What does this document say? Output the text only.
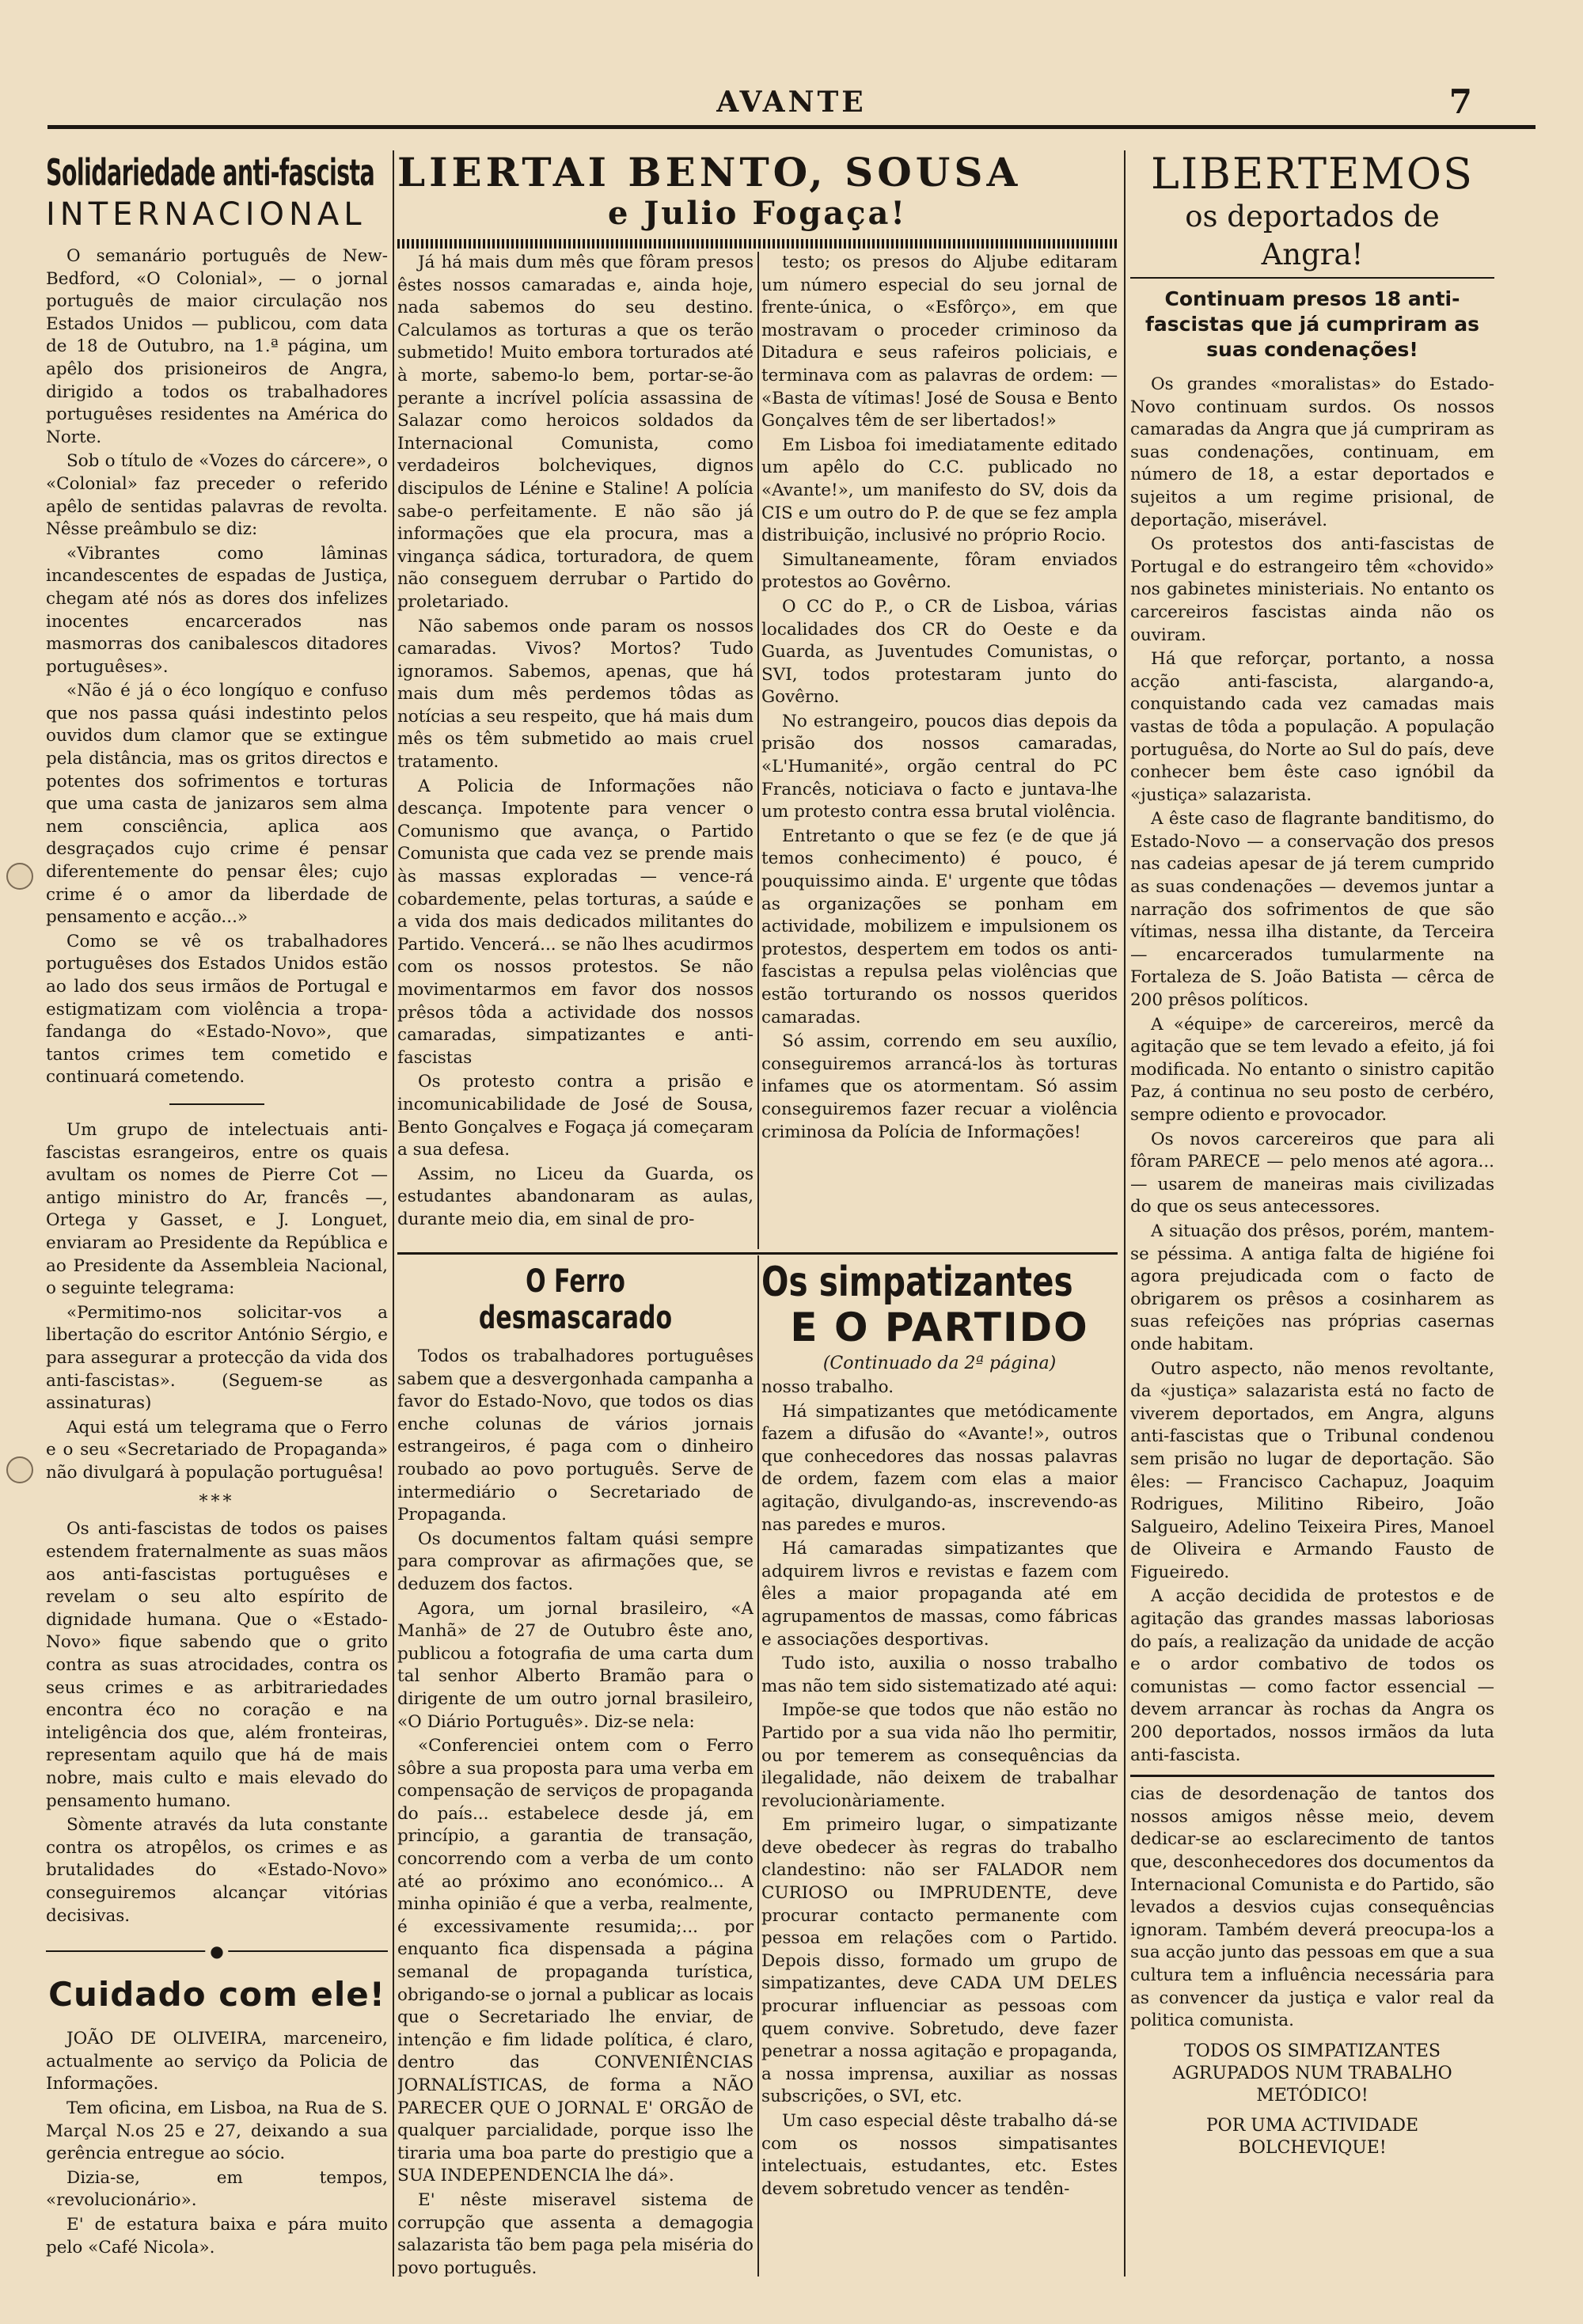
AVANTE	7
Solidariedade anti-fascista
INTERNACIONAL

O semanário português de New-Bedford, «O Colonial», — o jornal português de maior circulação nos Estados Unidos — publicou, com data de 18 de Outubro, na 1.ª página, um apêlo dos prisioneiros de Angra, dirigido a todos os trabalhadores portuguêses residentes na América do Norte.

Sob o título de «Vozes do cárcere», o «Colonial» faz preceder o referido apêlo de sentidas palavras de revolta. Nêsse preâmbulo se diz:

«Vibrantes como lâminas incandescentes de espadas de Justiça, chegam até nós as dores dos infelizes inocentes encarcerados nas masmorras dos canibalescos ditadores portuguêses».

«Não é já o éco longíquo e confuso que nos passa quási indestinto pelos ouvidos dum clamor que se extingue pela distância, mas os gritos directos e potentes dos sofrimentos e torturas que uma casta de janizaros sem alma nem consciência, aplica aos desgraçados cujo crime é pensar diferentemente do pensar êles; cujo crime é o amor da liberdade de pensamento e acção...»

Como se vê os trabalhadores portuguêses dos Estados Unidos estão ao lado dos seus irmãos de Portugal e estigmatizam com violência a tropa-fandanga do «Estado-Novo», que tantos crimes tem cometido e continuará cometendo.

Um grupo de intelectuais anti-fascistas esrangeiros, entre os quais avultam os nomes de Pierre Cot — antigo ministro do Ar, francês —, Ortega y Gasset, e J. Longuet, enviaram ao Presidente da República e ao Presidente da Assembleia Nacional, o seguinte telegrama:

«Permitimo-nos solicitar-vos a libertação do escritor António Sérgio, e para assegurar a protecção da vida dos anti-fascistas». (Seguem-se as assinaturas)

Aqui está um telegrama que o Ferro e o seu «Secretariado de Propaganda» não divulgará à população portuguêsa!

***

Os anti-fascistas de todos os paises estendem fraternalmente as suas mãos aos anti-fascistas portuguêses e revelam o seu alto espírito de dignidade humana. Que o «Estado-Novo» fique sabendo que o grito contra as suas atrocidades, contra os seus crimes e as arbitrariedades encontra éco no coração e na inteligência dos que, além fronteiras, representam aquilo que há de mais nobre, mais culto e mais elevado do pensamento humano.

Sòmente através da luta constante contra os atropêlos, os crimes e as brutalidades do «Estado-Novo» conseguiremos alcançar vitórias decisivas.

●
Cuidado com ele!

JOÃO DE OLIVEIRA, marceneiro, actualmente ao serviço da Policia de Informações.

Tem oficina, em Lisboa, na Rua de S. Marçal N.os 25 e 27, deixando a sua gerência entregue ao sócio.

Dizia-se, em tempos, «revolucionário».

E' de estatura baixa e pára muito pelo «Café Nicola».

LIERTAI BENTO, SOUSA
e Julio Fogaça!

Já há mais dum mês que fôram presos êstes nossos camaradas e, ainda hoje, nada sabemos do seu destino. Calculamos as torturas a que os terão submetido! Muito embora torturados até à morte, sabemo-lo bem, portar-se-ão perante a incrível polícia assassina de Salazar como heroicos soldados da Internacional Comunista, como verdadeiros bolcheviques, dignos discipulos de Lénine e Staline! A polícia sabe-o perfeitamente. E não são já informações que ela procura, mas a vingança sádica, torturadora, de quem não conseguem derrubar o Partido do proletariado.

Não sabemos onde param os nossos camaradas. Vivos? Mortos? Tudo ignoramos. Sabemos, apenas, que há mais dum mês perdemos tôdas as notícias a seu respeito, que há mais dum mês os têm submetido ao mais cruel tratamento.

A Policia de Informações não descança. Impotente para vencer o Comunismo que avança, o Partido Comunista que cada vez se prende mais às massas exploradas — vence-rá cobardemente, pelas torturas, a saúde e a vida dos mais dedicados militantes do Partido. Vencerá... se não lhes acudirmos com os nossos protestos. Se não movimentarmos em favor dos nossos prêsos tôda a actividade dos nossos camaradas, simpatizantes e anti-fascistas

Os protesto contra a prisão e incomunicabilidade de José de Sousa, Bento Gonçalves e Fogaça já começaram a sua defesa.

Assim, no Liceu da Guarda, os estudantes abandonaram as aulas, durante meio dia, em sinal de pro-

testo; os presos do Aljube editaram um número especial do seu jornal de frente-única, o «Esfôrço», em que mostravam o proceder criminoso da Ditadura e seus rafeiros policiais, e terminava com as palavras de ordem: — «Basta de vítimas! José de Sousa e Bento Gonçalves têm de ser libertados!»

Em Lisboa foi imediatamente editado um apêlo do C.C. publicado no «Avante!», um manifesto do SV, dois da CIS e um outro do P. de que se fez ampla distribuição, inclusivé no próprio Rocio.

Simultaneamente, fôram enviados protestos ao Govêrno.

O CC do P., o CR de Lisboa, várias localidades dos CR do Oeste e da Guarda, as Juventudes Comunistas, o SVI, todos protestaram junto do Govêrno.

No estrangeiro, poucos dias depois da prisão dos nossos camaradas, «L'Humanité», orgão central do PC Francês, noticiava o facto e juntava-lhe um protesto contra essa brutal violência.

Entretanto o que se fez (e de que já temos conhecimento) é pouco, é pouquissimo ainda. E' urgente que tôdas as organizações se ponham em actividade, mobilizem e impulsionem os protestos, despertem em todos os anti-fascistas a repulsa pelas violências que estão torturando os nossos queridos camaradas.

Só assim, correndo em seu auxílio, conseguiremos arrancá-los às torturas infames que os atormentam. Só assim conseguiremos fazer recuar a violência criminosa da Polícia de Informações!

O Ferro desmascarado

Todos os trabalhadores portuguêses sabem que a desvergonhada campanha a favor do Estado-Novo, que todos os dias enche colunas de vários jornais estrangeiros, é paga com o dinheiro roubado ao povo português. Serve de intermediário o Secretariado de Propaganda.

Os documentos faltam quási sempre para comprovar as afirmações que, se deduzem dos factos.

Agora, um jornal brasileiro, «A Manhã» de 27 de Outubro êste ano, publicou a fotografia de uma carta dum tal senhor Alberto Bramão para o dirigente de um outro jornal brasileiro, «O Diário Português». Diz-se nela:

«Conferenciei ontem com o Ferro sôbre a sua proposta para uma verba em compensação de serviços de propaganda do país... estabelece desde já, em princípio, a garantia de transação, concorrendo com a verba de um conto até ao próximo ano económico... A minha opinião é que a verba, realmente, é excessivamente resumida;... por enquanto fica dispensada a página semanal de propaganda turística, obrigando-se o jornal a publicar as locais que o Secretariado lhe enviar, de intenção e fim lidade política, é claro, dentro das CONVENIÊNCIAS JORNALÍSTICAS, de forma a NÃO PARECER QUE O JORNAL E' ORGÃO de qualquer parcialidade, porque isso lhe tiraria uma boa parte do prestigio que a SUA INDEPENDENCIA lhe dá».

E' nêste miseravel sistema de corrupção que assenta a demagogia salazarista tão bem paga pela miséria do povo português.

Os simpatizantes
E O PARTIDO
(Continuado da 2ª página)

nosso trabalho.

Há simpatizantes que metódicamente fazem a difusão do «Avante!», outros que conhecedores das nossas palavras de ordem, fazem com elas a maior agitação, divulgando-as, inscrevendo-as nas paredes e muros.

Há camaradas simpatizantes que adquirem livros e revistas e fazem com êles a maior propaganda até em agrupamentos de massas, como fábricas e associações desportivas.

Tudo isto, auxilia o nosso trabalho mas não tem sido sistematizado até aqui:

Impõe-se que todos que não estão no Partido por a sua vida não lho permitir, ou por temerem as consequências da ilegalidade, não deixem de trabalhar revolucionàriamente.

Em primeiro lugar, o simpatizante deve obedecer às regras do trabalho clandestino: não ser FALADOR nem CURIOSO ou IMPRUDENTE, deve procurar contacto permanente com pessoa em relações com o Partido. Depois disso, formado um grupo de simpatizantes, deve CADA UM DELES procurar influenciar as pessoas com quem convive. Sobretudo, deve fazer penetrar a nossa agitação e propaganda, a nossa imprensa, auxiliar as nossas subscrições, o SVI, etc.

Um caso especial dêste trabalho dá-se com os nossos simpatisantes intelectuais, estudantes, etc. Estes devem sobretudo vencer as tendên-

LIBERTEMOS
os deportados de Angra!
Continuam presos 18 anti-fascistas que já cumpriram as suas condenações!

Os grandes «moralistas» do Estado-Novo continuam surdos. Os nossos camaradas da Angra que já cumpriram as suas condenações, continuam, em número de 18, a estar deportados e sujeitos a um regime prisional, de deportação, miserável.

Os protestos dos anti-fascistas de Portugal e do estrangeiro têm «chovido» nos gabinetes ministeriais. No entanto os carcereiros fascistas ainda não os ouviram.

Há que reforçar, portanto, a nossa acção anti-fascista, alargando-a, conquistando cada vez camadas mais vastas de tôda a população. A população portuguêsa, do Norte ao Sul do país, deve conhecer bem êste caso ignóbil da «justiça» salazarista.

A êste caso de flagrante banditismo, do Estado-Novo — a conservação dos presos nas cadeias apesar de já terem cumprido as suas condenações — devemos juntar a narração dos sofrimentos de que são vítimas, nessa ilha distante, da Terceira — encarcerados tumularmente na Fortaleza de S. João Batista — cêrca de 200 prêsos políticos.

A «équipe» de carcereiros, mercê da agitação que se tem levado a efeito, já foi modificada. No entanto o sinistro capitão Paz, á continua no seu posto de cerbéro, sempre odiento e provocador.

Os novos carcereiros que para ali fôram PARECE — pelo menos até agora... — usarem de maneiras mais civilizadas do que os seus antecessores.

A situação dos prêsos, porém, mantem-se péssima. A antiga falta de higiéne foi agora prejudicada com o facto de obrigarem os prêsos a cosinharem as suas refeições nas próprias casernas onde habitam.

Outro aspecto, não menos revoltante, da «justiça» salazarista está no facto de viverem deportados, em Angra, alguns anti-fascistas que o Tribunal condenou sem prisão no lugar de deportação. São êles: — Francisco Cachapuz, Joaquim Rodrigues, Militino Ribeiro, João Salgueiro, Adelino Teixeira Pires, Manoel de Oliveira e Armando Fausto de Figueiredo.

A acção decidida de protestos e de agitação das grandes massas laboriosas do país, a realização da unidade de acção e o ardor combativo de todos os comunistas — como factor essencial — devem arrancar às rochas da Angra os 200 deportados, nossos irmãos da luta anti-fascista.

cias de desordenação de tantos dos nossos amigos nêsse meio, devem dedicar-se ao esclarecimento de tantos que, desconhecedores dos documentos da Internacional Comunista e do Partido, são levados a desvios cujas consequências ignoram. Também deverá preocupa-los a sua acção junto das pessoas em que a sua cultura tem a influência necessária para as convencer da justiça e valor real da politica comunista.

TODOS OS SIMPATIZANTES AGRUPADOS NUM TRABALHO METÓDICO!
POR UMA ACTIVIDADE BOLCHEVIQUE!
